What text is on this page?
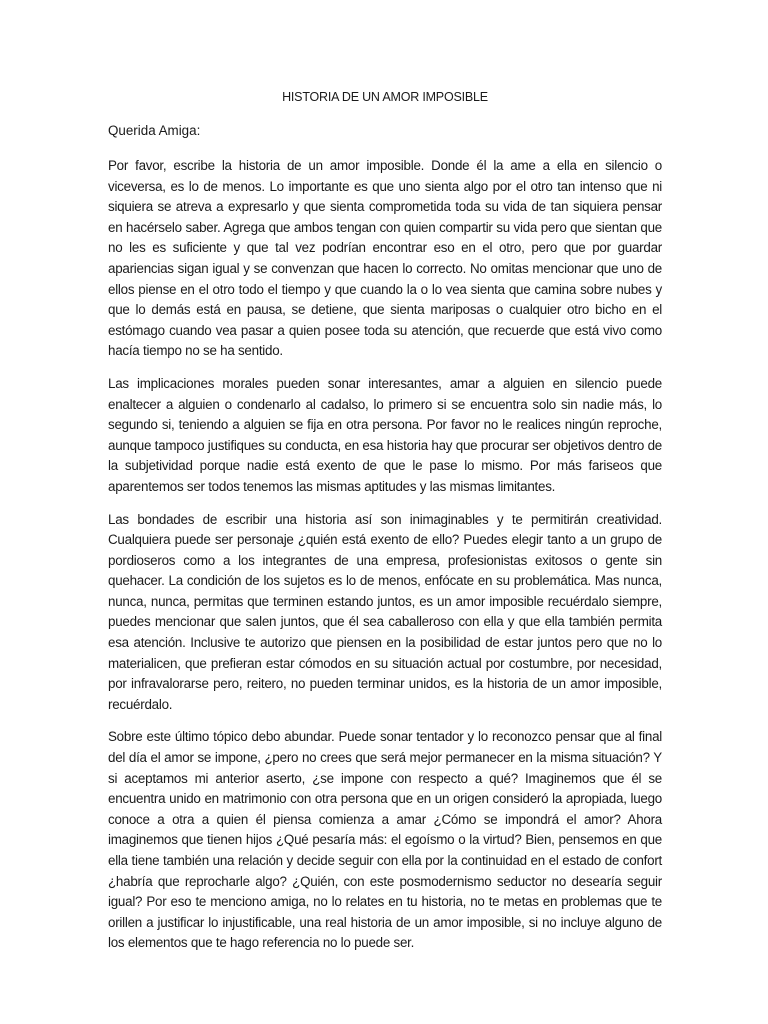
HISTORIA DE UN AMOR IMPOSIBLE
Querida Amiga:

Por favor, escribe la historia de un amor imposible. Donde él la ame a ella en silencio o viceversa, es lo de menos. Lo importante es que uno sienta algo por el otro tan intenso que ni siquiera se atreva a expresarlo y que sienta comprometida toda su vida de tan siquiera pensar en hacérselo saber. Agrega que ambos tengan con quien compartir su vida pero que sientan que no les es suficiente y que tal vez podrían encontrar eso en el otro, pero que por guardar apariencias sigan igual y se convenzan que hacen lo correcto. No omitas mencionar que uno de ellos piense en el otro todo el tiempo y que cuando la o lo vea sienta que camina sobre nubes y que lo demás está en pausa, se detiene, que sienta mariposas o cualquier otro bicho en el estómago cuando vea pasar a quien posee toda su atención, que recuerde que está vivo como hacía tiempo no se ha sentido.

Las implicaciones morales pueden sonar interesantes, amar a alguien en silencio puede enaltecer a alguien o condenarlo al cadalso, lo primero si se encuentra solo sin nadie más, lo segundo si, teniendo a alguien se fija en otra persona. Por favor no le realices ningún reproche, aunque tampoco justifiques su conducta, en esa historia hay que procurar ser objetivos dentro de la subjetividad porque nadie está exento de que le pase lo mismo. Por más fariseos que aparentemos ser todos tenemos las mismas aptitudes y las mismas limitantes.

Las bondades de escribir una historia así son inimaginables y te permitirán creatividad. Cualquiera puede ser personaje ¿quién está exento de ello? Puedes elegir tanto a un grupo de pordioseros como a los integrantes de una empresa, profesionistas exitosos o gente sin quehacer. La condición de los sujetos es lo de menos, enfócate en su problemática. Mas nunca, nunca, nunca, permitas que terminen estando juntos, es un amor imposible recuérdalo siempre, puedes mencionar que salen juntos, que él sea caballeroso con ella y que ella también permita esa atención. Inclusive te autorizo que piensen en la posibilidad de estar juntos pero que no lo materialicen, que prefieran estar cómodos en su situación actual por costumbre, por necesidad, por infravalorarse pero, reitero, no pueden terminar unidos, es la historia de un amor imposible, recuérdalo.

Sobre este último tópico debo abundar. Puede sonar tentador y lo reconozco pensar que al final del día el amor se impone, ¿pero no crees que será mejor permanecer en la misma situación? Y si aceptamos mi anterior aserto, ¿se impone con respecto a qué? Imaginemos que él se encuentra unido en matrimonio con otra persona que en un origen consideró la apropiada, luego conoce a otra a quien él piensa comienza a amar ¿Cómo se impondrá el amor? Ahora imaginemos que tienen hijos ¿Qué pesaría más: el egoísmo o la virtud? Bien, pensemos en que ella tiene también una relación y decide seguir con ella por la continuidad en el estado de confort ¿habría que reprocharle algo? ¿Quién, con este posmodernismo seductor no desearía seguir igual? Por eso te menciono amiga, no lo relates en tu historia, no te metas en problemas que te orillen a justificar lo injustificable, una real historia de un amor imposible, si no incluye alguno de los elementos que te hago referencia no lo puede ser.
